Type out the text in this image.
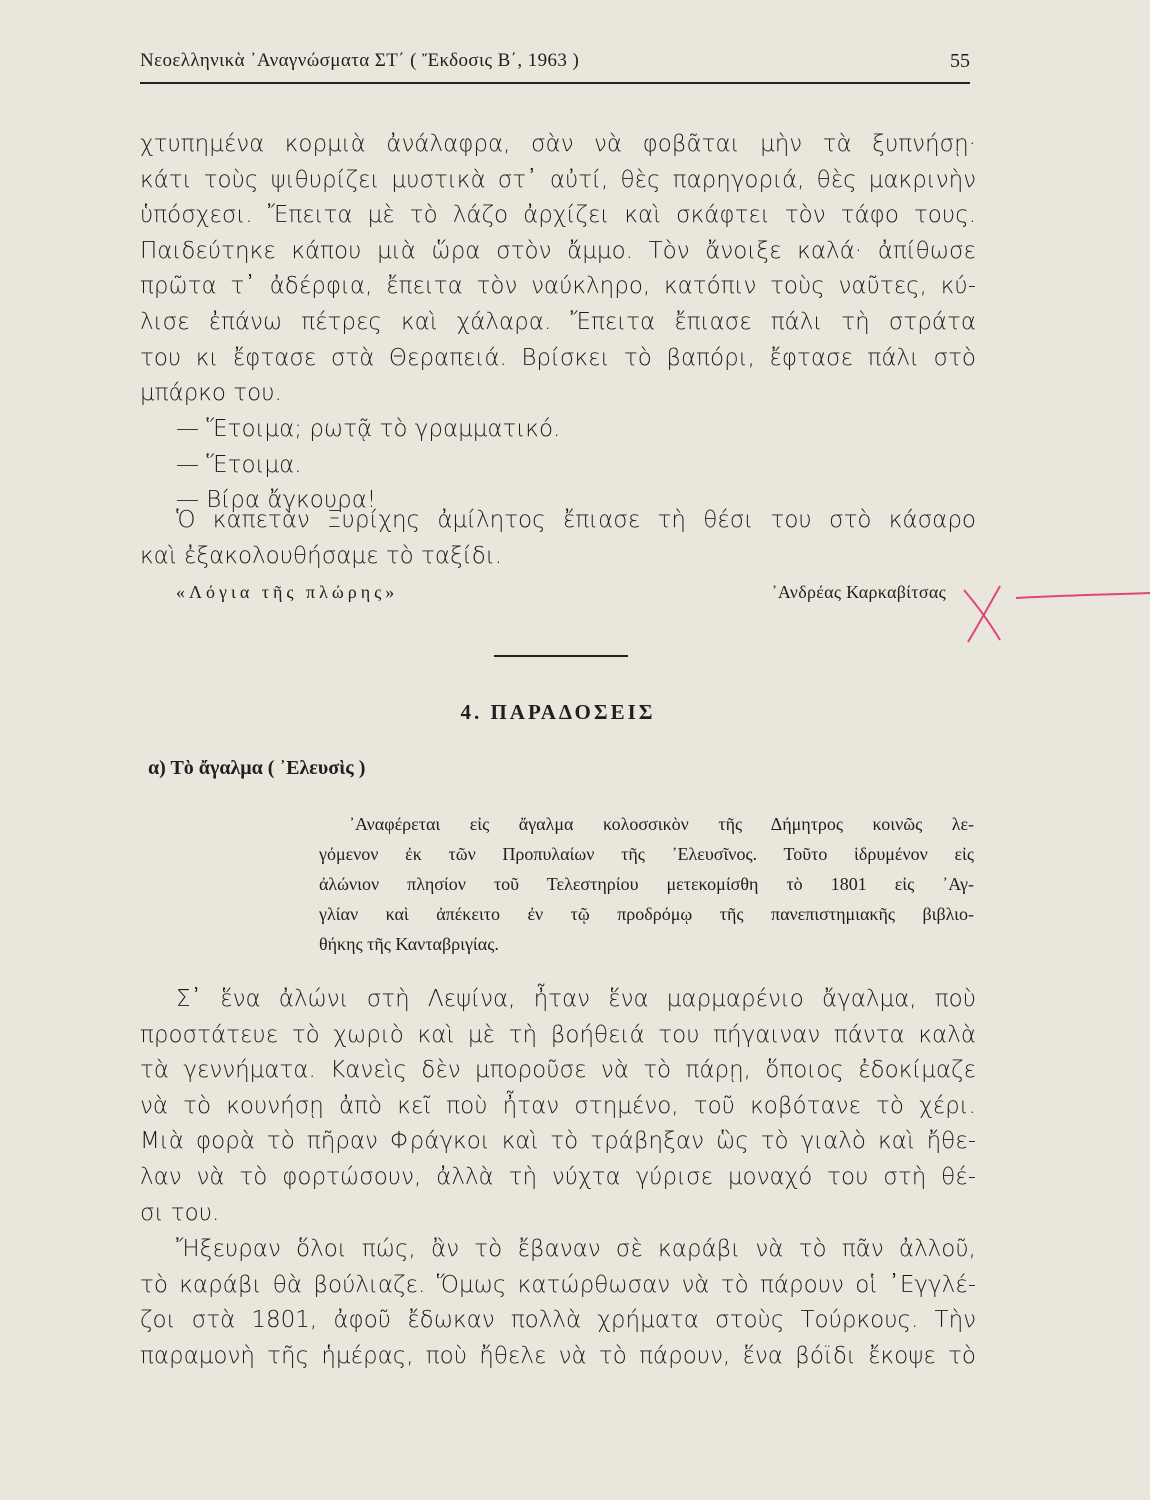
Νεοελληνικὰ ᾿Αναγνώσματα ΣΤ΄ ( Ἔκδοσις Β΄, 1963 )	55
χτυπημένα κορμιὰ ἀνάλαφρα, σὰν νὰ φοβᾶται μὴν τὰ ξυπνήσῃ·
κάτι τοὺς ψιθυρίζει μυστικὰ στ᾿ αὐτί, θὲς παρηγοριά, θὲς μακρινὴν
ὑπόσχεσι. Ἔπειτα μὲ τὸ λάζο ἀρχίζει καὶ σκάφτει τὸν τάφο τους.
Παιδεύτηκε κάπου μιὰ ὥρα στὸν ἄμμο. Τὸν ἄνοιξε καλά· ἀπίθωσε
πρῶτα τ᾿ ἀδέρφια, ἔπειτα τὸν ναύκληρο, κατόπιν τοὺς ναῦτες, κύ-
λισε ἐπάνω πέτρες καὶ χάλαρα. Ἔπειτα ἔπιασε πάλι τὴ στράτα
του κι ἔφτασε στὰ Θεραπειά. Βρίσκει τὸ βαπόρι, ἔφτασε πάλι στὸ
μπάρκο του.
— Ἕτοιμα; ρωτᾷ τὸ γραμματικό.
— Ἕτοιμα.
— Βίρα ἄγκουρα!
Ὁ καπετὰν Ξυρίχης ἀμίλητος ἔπιασε τὴ θέσι του στὸ κάσαρο
καὶ ἐξακολουθήσαμε τὸ ταξίδι.
«Λόγια τῆς πλώρης»	᾿Ανδρέας Καρκαβίτσας
4. ΠΑΡΑΔΟΣΕΙΣ
α) Τὸ ἄγαλμα ( ᾿Ελευσὶς )
᾿Αναφέρεται εἰς ἄγαλμα κολοσσικὸν τῆς Δήμητρος κοινῶς λε-
γόμενον ἐκ τῶν Προπυλαίων τῆς ᾿Ελευσῖνος. Τοῦτο ἱδρυμένον εἰς
ἀλώνιον πλησίον τοῦ Τελεστηρίου μετεκομίσθη τὸ 1801 εἰς ᾿Αγ-
γλίαν καὶ ἀπέκειτο ἐν τῷ προδρόμῳ τῆς πανεπιστημιακῆς βιβλιο-
θήκης τῆς Κανταβριγίας.
Σ᾿ ἕνα ἀλώνι στὴ Λεψίνα, ἦταν ἕνα μαρμαρένιο ἄγαλμα, ποὺ
προστάτευε τὸ χωριὸ καὶ μὲ τὴ βοήθειά του πήγαιναν πάντα καλὰ
τὰ γεννήματα. Κανεὶς δὲν μποροῦσε νὰ τὸ πάρῃ, ὅποιος ἐδοκίμαζε
νὰ τὸ κουνήσῃ ἀπὸ κεῖ ποὺ ἦταν στημένο, τοῦ κοβότανε τὸ χέρι.
Μιὰ φορὰ τὸ πῆραν Φράγκοι καὶ τὸ τράβηξαν ὣς τὸ γιαλὸ καὶ ἤθε-
λαν νὰ τὸ φορτώσουν, ἀλλὰ τὴ νύχτα γύρισε μοναχό του στὴ θέ-
σι του.
Ἤξευραν ὅλοι πώς, ἂν τὸ ἔβαναν σὲ καράβι νὰ τὸ πᾶν ἀλλοῦ,
τὸ καράβι θὰ βούλιαζε. Ὅμως κατώρθωσαν νὰ τὸ πάρουν οἱ ᾿Εγγλέ-
ζοι στὰ 1801, ἀφοῦ ἔδωκαν πολλὰ χρήματα στοὺς Τούρκους. Τὴν
παραμονὴ τῆς ἡμέρας, ποὺ ἤθελε νὰ τὸ πάρουν, ἕνα βόϊδι ἔκοψε τὸ
